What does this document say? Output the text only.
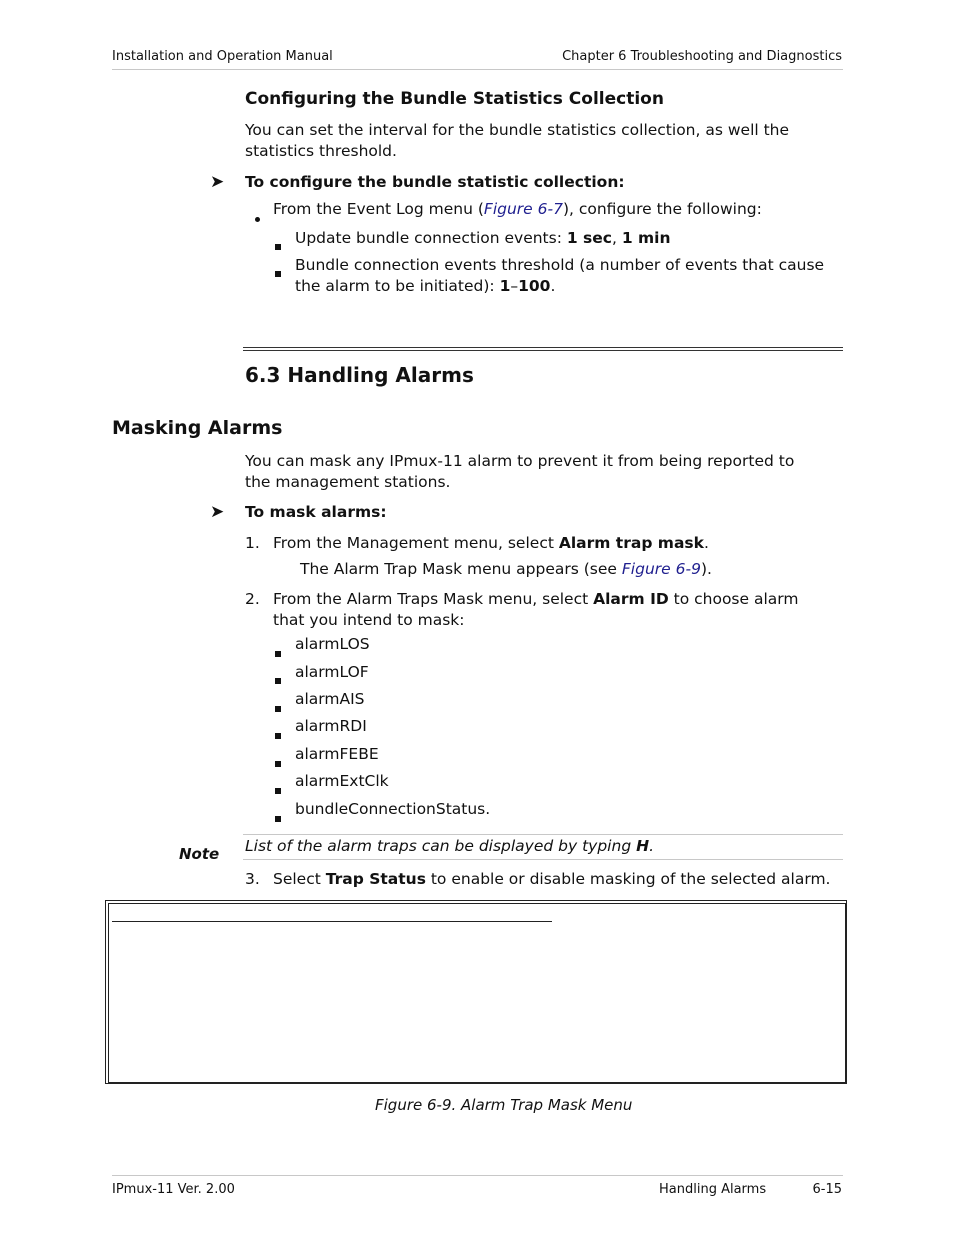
Installation and Operation Manual	Chapter 6 Troubleshooting and Diagnostics
Configuring the Bundle Statistics Collection
You can set the interval for the bundle statistics collection, as well the statistics threshold.
➤ To configure the bundle statistic collection:
From the Event Log menu (Figure 6-7), configure the following:
Update bundle connection events: 1 sec, 1 min
Bundle connection events threshold (a number of events that cause the alarm to be initiated): 1–100.
6.3 Handling Alarms
Masking Alarms
You can mask any IPmux-11 alarm to prevent it from being reported to the management stations.
➤ To mask alarms:
1. From the Management menu, select Alarm trap mask.
The Alarm Trap Mask menu appears (see Figure 6-9).
2. From the Alarm Traps Mask menu, select Alarm ID to choose alarm that you intend to mask:
alarmLOS
alarmLOF
alarmAIS
alarmRDI
alarmFEBE
alarmExtClk
bundleConnectionStatus.
Note List of the alarm traps can be displayed by typing H.
3. Select Trap Status to enable or disable masking of the selected alarm.
Figure 6-9. Alarm Trap Mask Menu
IPmux-11 Ver. 2.00	Handling Alarms	6-15
